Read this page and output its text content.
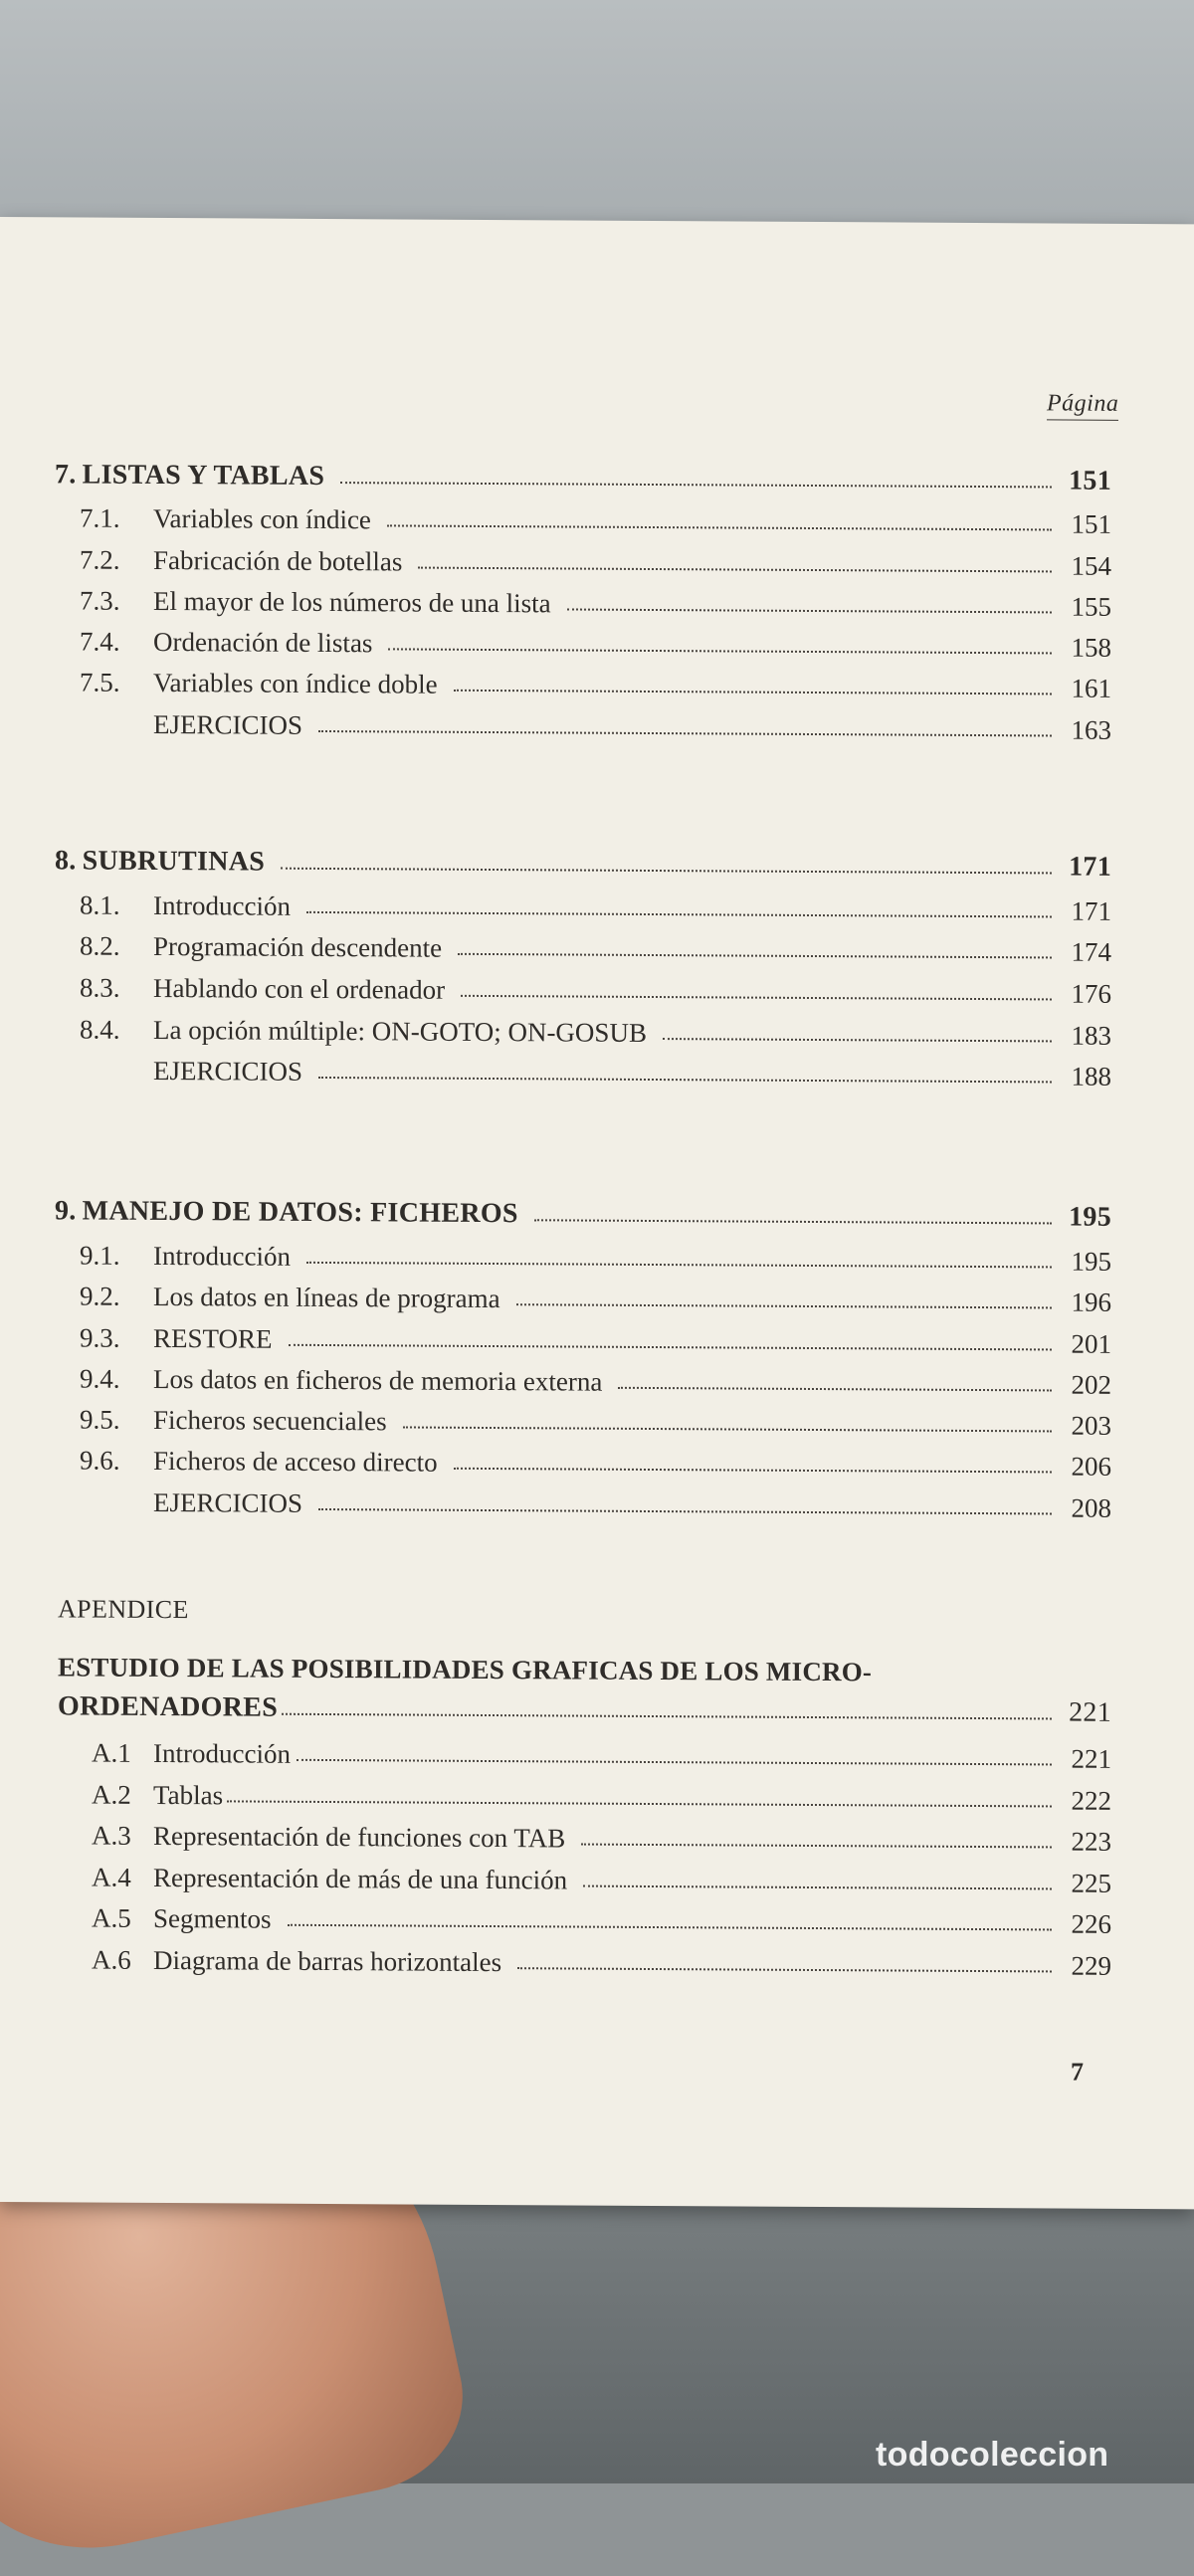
Página
7. LISTAS Y TABLAS	151
7.1.	Variables con índice	151
7.2.	Fabricación de botellas	154
7.3.	El mayor de los números de una lista	155
7.4.	Ordenación de listas	158
7.5.	Variables con índice doble	161
EJERCICIOS	163
8. SUBRUTINAS	171
8.1.	Introducción	171
8.2.	Programación descendente	174
8.3.	Hablando con el ordenador	176
8.4.	La opción múltiple: ON-GOTO; ON-GOSUB	183
EJERCICIOS	188
9. MANEJO DE DATOS: FICHEROS	195
9.1.	Introducción	195
9.2.	Los datos en líneas de programa	196
9.3.	RESTORE	201
9.4.	Los datos en ficheros de memoria externa	202
9.5.	Ficheros secuenciales	203
9.6.	Ficheros de acceso directo	206
EJERCICIOS	208
APENDICE
ESTUDIO DE LAS POSIBILIDADES GRAFICAS DE LOS MICRO-
ORDENADORES	221
A.1 Introducción	221
A.2 Tablas	222
A.3 Representación de funciones con TAB	223
A.4 Representación de más de una función	225
A.5 Segmentos	226
A.6 Diagrama de barras horizontales	229
7
todocoleccion
